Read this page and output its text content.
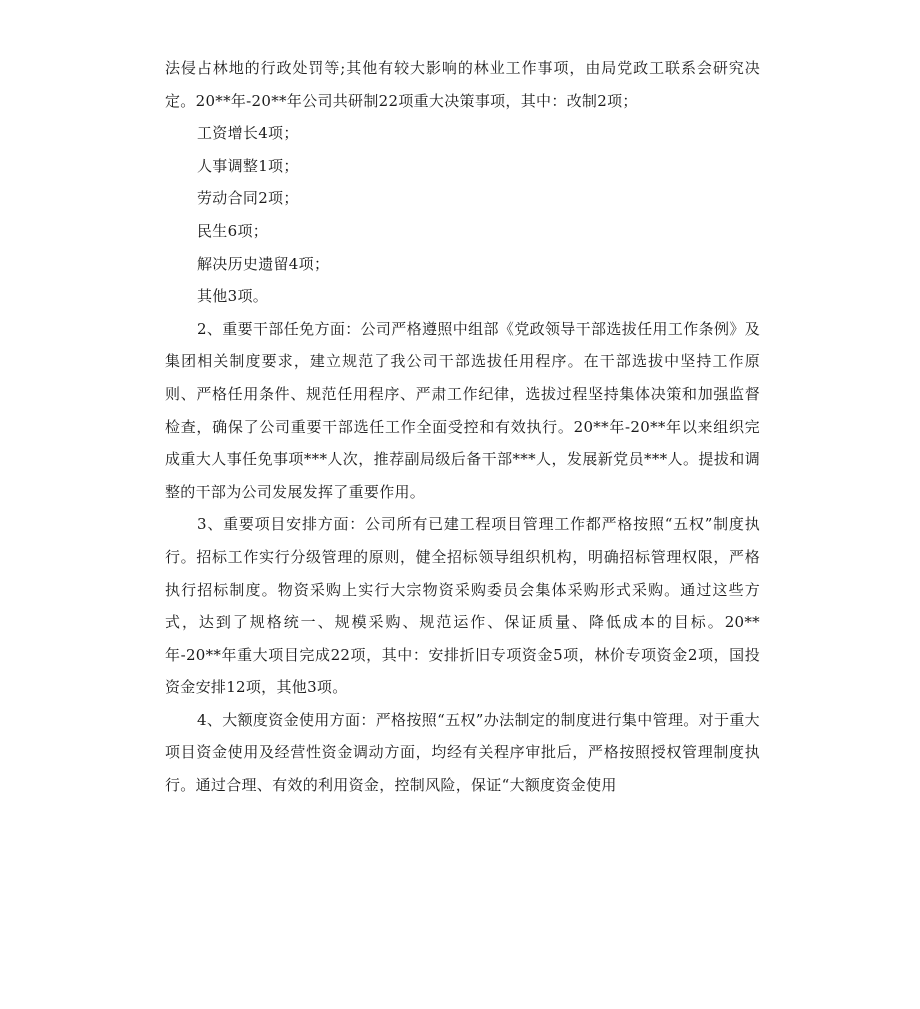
法侵占林地的行政处罚等;其他有较大影响的林业工作事项，由局党政工联系会研究决定。20**年-20**年公司共研制22项重大决策事项，其中：改制2项；

工资增长4项；

人事调整1项；

劳动合同2项；

民生6项；

解决历史遗留4项；

其他3项。

2、重要干部任免方面：公司严格遵照中组部《党政领导干部选拔任用工作条例》及集团相关制度要求，建立规范了我公司干部选拔任用程序。在干部选拔中坚持工作原则、严格任用条件、规范任用程序、严肃工作纪律，选拔过程坚持集体决策和加强监督检查，确保了公司重要干部选任工作全面受控和有效执行。20**年-20**年以来组织完成重大人事任免事项***人次，推荐副局级后备干部***人，发展新党员***人。提拔和调整的干部为公司发展发挥了重要作用。

3、重要项目安排方面：公司所有已建工程项目管理工作都严格按照“五权”制度执行。招标工作实行分级管理的原则，健全招标领导组织机构，明确招标管理权限，严格执行招标制度。物资采购上实行大宗物资采购委员会集体采购形式采购。通过这些方式，达到了规格统一、规模采购、规范运作、保证质量、降低成本的目标。20**年-20**年重大项目完成22项，其中：安排折旧专项资金5项，林价专项资金2项，国投资金安排12项，其他3项。

4、大额度资金使用方面：严格按照“五权”办法制定的制度进行集中管理。对于重大项目资金使用及经营性资金调动方面，均经有关程序审批后，严格按照授权管理制度执行。通过合理、有效的利用资金，控制风险，保证“大额度资金使用
